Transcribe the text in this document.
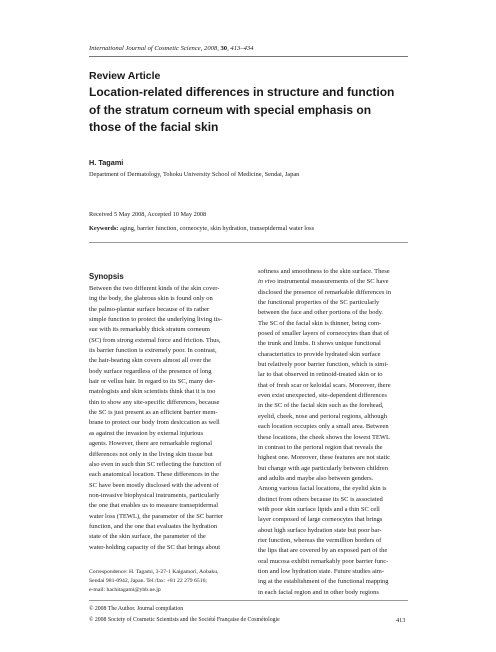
International Journal of Cosmetic Science, 2008, 30, 413–434
Review Article
Location-related differences in structure and function
of the stratum corneum with special emphasis on
those of the facial skin
H. Tagami
Department of Dermatology, Tohoku University School of Medicine, Sendai, Japan
Received 5 May 2008, Accepted 10 May 2008
Keywords: aging, barrier function, corneocyte, skin hydration, transepidermal water loss
Synopsis
Between the two different kinds of the skin cover-
ing the body, the glabrous skin is found only on
the palmo-plantar surface because of its rather
simple function to protect the underlying living tis-
sue with its remarkably thick stratum corneum
(SC) from strong external force and friction. Thus,
its barrier function is extremely poor. In contrast,
the hair-bearing skin covers almost all over the
body surface regardless of the presence of long
hair or vellus hair. In regard to its SC, many der-
matologists and skin scientists think that it is too
thin to show any site-specific differences, because
the SC is just present as an efficient barrier mem-
brane to protect our body from desiccation as well
as against the invasion by external injurious
agents. However, there are remarkable regional
differences not only in the living skin tissue but
also even in such thin SC reflecting the function of
each anatomical location. These differences in the
SC have been mostly disclosed with the advent of
non-invasive biophysical instruments, particularly
the one that enables us to measure transepidermal
water loss (TEWL), the parameter of the SC barrier
function, and the one that evaluates the hydration
state of the skin surface, the parameter of the
water-holding capacity of the SC that brings about
softness and smoothness to the skin surface. These
in vivo instrumental measurements of the SC have
disclosed the presence of remarkable differences in
the functional properties of the SC particularly
between the face and other portions of the body.
The SC of the facial skin is thinner, being com-
posed of smaller layers of corneocytes than that of
the trunk and limbs. It shows unique functional
characteristics to provide hydrated skin surface
but relatively poor barrier function, which is simi-
lar to that observed in retinoid-treated skin or to
that of fresh scar or keloidal scars. Moreover, there
even exist unexpected, site-dependent differences
in the SC of the facial skin such as the forehead,
eyelid, cheek, nose and perioral regions, although
each location occupies only a small area. Between
these locations, the cheek shows the lowest TEWL
in contrast to the perioral region that reveals the
highest one. Moreover, these features are not static
but change with age particularly between children
and adults and maybe also between genders.
Among various facial locations, the eyelid skin is
distinct from others because its SC is associated
with poor skin surface lipids and a thin SC cell
layer composed of large corneocytes that brings
about high surface hydration state but poor bar-
rier function, whereas the vermillion borders of
the lips that are covered by an exposed part of the
oral mucosa exhibit remarkably poor barrier func-
tion and low hydration state. Future studies aim-
ing at the establishment of the functional mapping
in each facial region and in other body regions
Correspondence: H. Tagami, 3-27-1 Kaigamori, Aobaku,
Sendai 981-0942, Japan. Tel./fax: +81 22 279 6516;
e-mail: hachitagami@ybb.ne.jp
© 2008 The Author. Journal compilation
© 2008 Society of Cosmetic Scientists and the Société Française de Cosmétologie	413
